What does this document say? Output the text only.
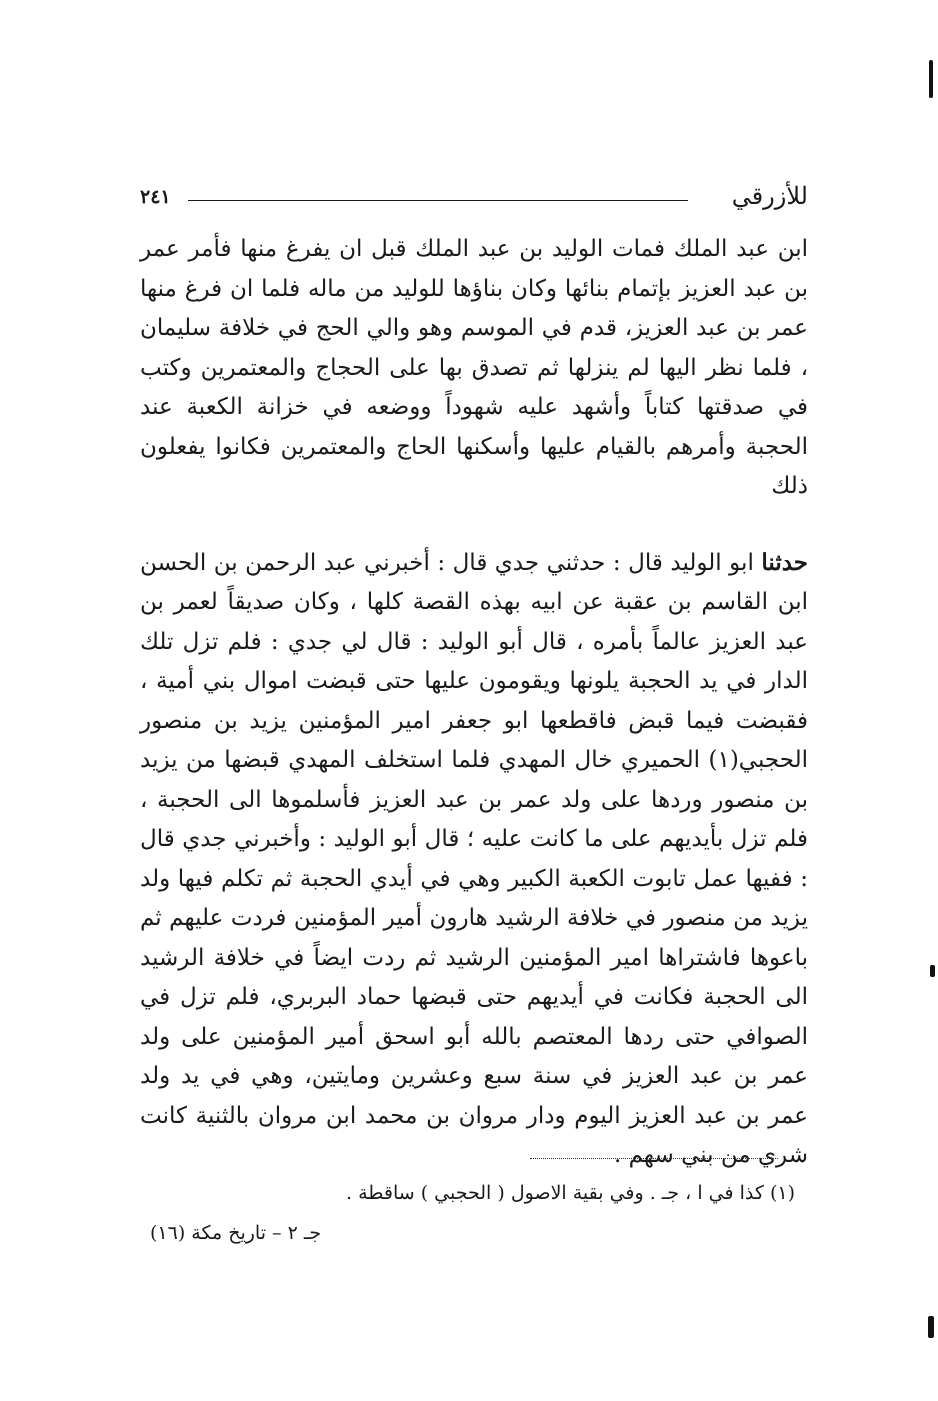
للأزرقي
٢٤١

ابن عبد الملك فمات الوليد بن عبد الملك قبل ان يفرغ منها فأمر عمر بن عبد العزيز بإتمام بنائها وكان بناؤها للوليد من ماله فلما ان فرغ منها عمر بن عبد العزيز، قدم في الموسم وهو والي الحج في خلافة سليمان ، فلما نظر اليها لم ينزلها ثم تصدق بها على الحجاج والمعتمرين وكتب في صدقتها كتاباً وأشهد عليه شهوداً ووضعه في خزانة الكعبة عند الحجبة وأمرهم بالقيام عليها وأسكنها الحاج والمعتمرين فكانوا يفعلون ذلك

حدثنا ابو الوليد قال : حدثني جدي قال : أخبرني عبد الرحمن بن الحسن ابن القاسم بن عقبة عن ابيه بهذه القصة كلها ، وكان صديقاً لعمر بن عبد العزيز عالماً بأمره ، قال أبو الوليد : قال لي جدي : فلم تزل تلك الدار في يد الحجبة يلونها ويقومون عليها حتى قبضت اموال بني أمية ، فقبضت فيما قبض فاقطعها ابو جعفر امير المؤمنين يزيد بن منصور الحجبي(١) الحميري خال المهدي فلما استخلف المهدي قبضها من يزيد بن منصور وردها على ولد عمر بن عبد العزيز فأسلموها الى الحجبة ، فلم تزل بأيديهم على ما كانت عليه ؛ قال أبو الوليد : وأخبرني جدي قال : ففيها عمل تابوت الكعبة الكبير وهي في أيدي الحجبة ثم تكلم فيها ولد يزيد من منصور في خلافة الرشيد هارون أمير المؤمنين فردت عليهم ثم باعوها فاشتراها امير المؤمنين الرشيد ثم ردت ايضاً في خلافة الرشيد الى الحجبة فكانت في أيديهم حتى قبضها حماد البربري، فلم تزل في الصوافي حتى ردها المعتصم بالله أبو اسحق أمير المؤمنين على ولد عمر بن عبد العزيز في سنة سبع وعشرين ومايتين، وهي في يد ولد عمر بن عبد العزيز اليوم ودار مروان بن محمد ابن مروان بالثنية كانت شري من بني سهم .

(١) كذا في ا ، جـ . وفي بقية الاصول ( الحجبي ) ساقطة .
جـ ٢ – تاريخ مكة (١٦)
